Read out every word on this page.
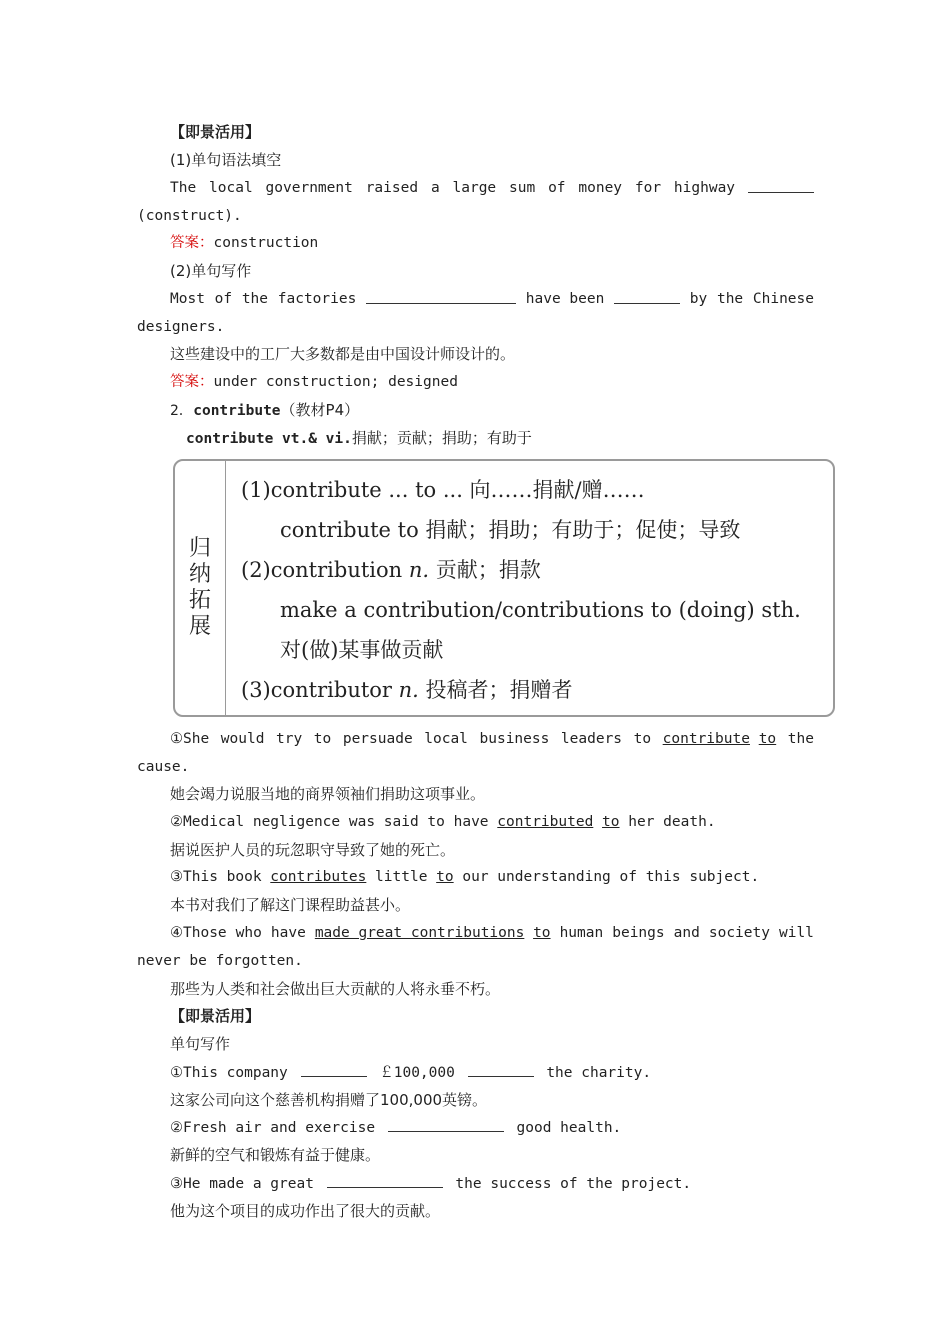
【即景活用】
(1)单句语法填空
The local government raised a large sum of money for highway
(construct).
答案：construction
(2)单句写作
Most of the factories	have been	by the Chinese
designers.
这些建设中的工厂大多数都是由中国设计师设计的。
答案：under construction; designed
2．contribute（教材P4）
contribute vt.& vi.捐献；贡献；捐助；有助于
归
纳
拓
展
(1)contribute ... to ... 向……捐献/赠……
contribute to 捐献；捐助；有助于；促使；导致
(2)contribution n. 贡献；捐款
make a contribution/contributions to (doing) sth.
对(做)某事做贡献
(3)contributor n. 投稿者；捐赠者
①She would try to persuade local business leaders to contribute to the
cause.
她会竭力说服当地的商界领袖们捐助这项事业。
②Medical negligence was said to have contributed to her death.
据说医护人员的玩忽职守导致了她的死亡。
③This book contributes little to our understanding of this subject.
本书对我们了解这门课程助益甚小。
④Those who have made great contributions to human beings and society will
never be forgotten.
那些为人类和社会做出巨大贡献的人将永垂不朽。
【即景活用】
单句写作
①This company	￡100,000	the charity.
这家公司向这个慈善机构捐赠了100,000英镑。
②Fresh air and exercise	good health.
新鲜的空气和锻炼有益于健康。
③He made a great	the success of the project.
他为这个项目的成功作出了很大的贡献。
